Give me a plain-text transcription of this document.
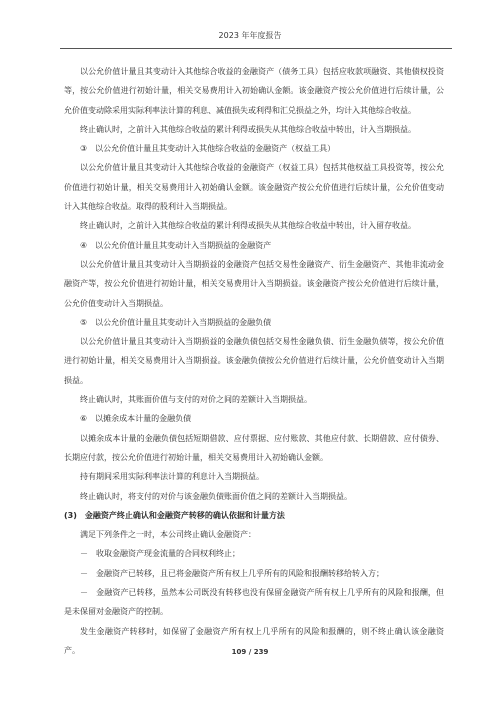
2023 年年度报告

以公允价值计量且其变动计入其他综合收益的金融资产（债务工具）包括应收款项融资、其他债权投资等，按公允价值进行初始计量，相关交易费用计入初始确认金额。该金融资产按公允价值进行后续计量，公允价值变动除采用实际利率法计算的利息、减值损失或利得和汇兑损益之外，均计入其他综合收益。

终止确认时，之前计入其他综合收益的累计利得或损失从其他综合收益中转出，计入当期损益。

③　以公允价值计量且其变动计入其他综合收益的金融资产（权益工具）

以公允价值计量且其变动计入其他综合收益的金融资产（权益工具）包括其他权益工具投资等，按公允价值进行初始计量，相关交易费用计入初始确认金额。该金融资产按公允价值进行后续计量，公允价值变动计入其他综合收益。取得的股利计入当期损益。

终止确认时，之前计入其他综合收益的累计利得或损失从其他综合收益中转出，计入留存收益。

④　以公允价值计量且其变动计入当期损益的金融资产

以公允价值计量且其变动计入当期损益的金融资产包括交易性金融资产、衍生金融资产、其他非流动金融资产等，按公允价值进行初始计量，相关交易费用计入当期损益。该金融资产按公允价值进行后续计量，公允价值变动计入当期损益。

⑤　以公允价值计量且其变动计入当期损益的金融负债

以公允价值计量且其变动计入当期损益的金融负债包括交易性金融负债、衍生金融负债等，按公允价值进行初始计量，相关交易费用计入当期损益。该金融负债按公允价值进行后续计量，公允价值变动计入当期损益。

终止确认时，其账面价值与支付的对价之间的差额计入当期损益。

⑥　以摊余成本计量的金融负债

以摊余成本计量的金融负债包括短期借款、应付票据、应付账款、其他应付款、长期借款、应付债券、长期应付款，按公允价值进行初始计量，相关交易费用计入初始确认金额。

持有期间采用实际利率法计算的利息计入当期损益。

终止确认时，将支付的对价与该金融负债账面价值之间的差额计入当期损益。

(3)　金融资产终止确认和金融资产转移的确认依据和计量方法

满足下列条件之一时，本公司终止确认金融资产：

－　收取金融资产现金流量的合同权利终止；

－　金融资产已转移，且已将金融资产所有权上几乎所有的风险和报酬转移给转入方；

－　金融资产已转移，虽然本公司既没有转移也没有保留金融资产所有权上几乎所有的风险和报酬，但是未保留对金融资产的控制。

发生金融资产转移时，如保留了金融资产所有权上几乎所有的风险和报酬的，则不终止确认该金融资产。	109 / 239
